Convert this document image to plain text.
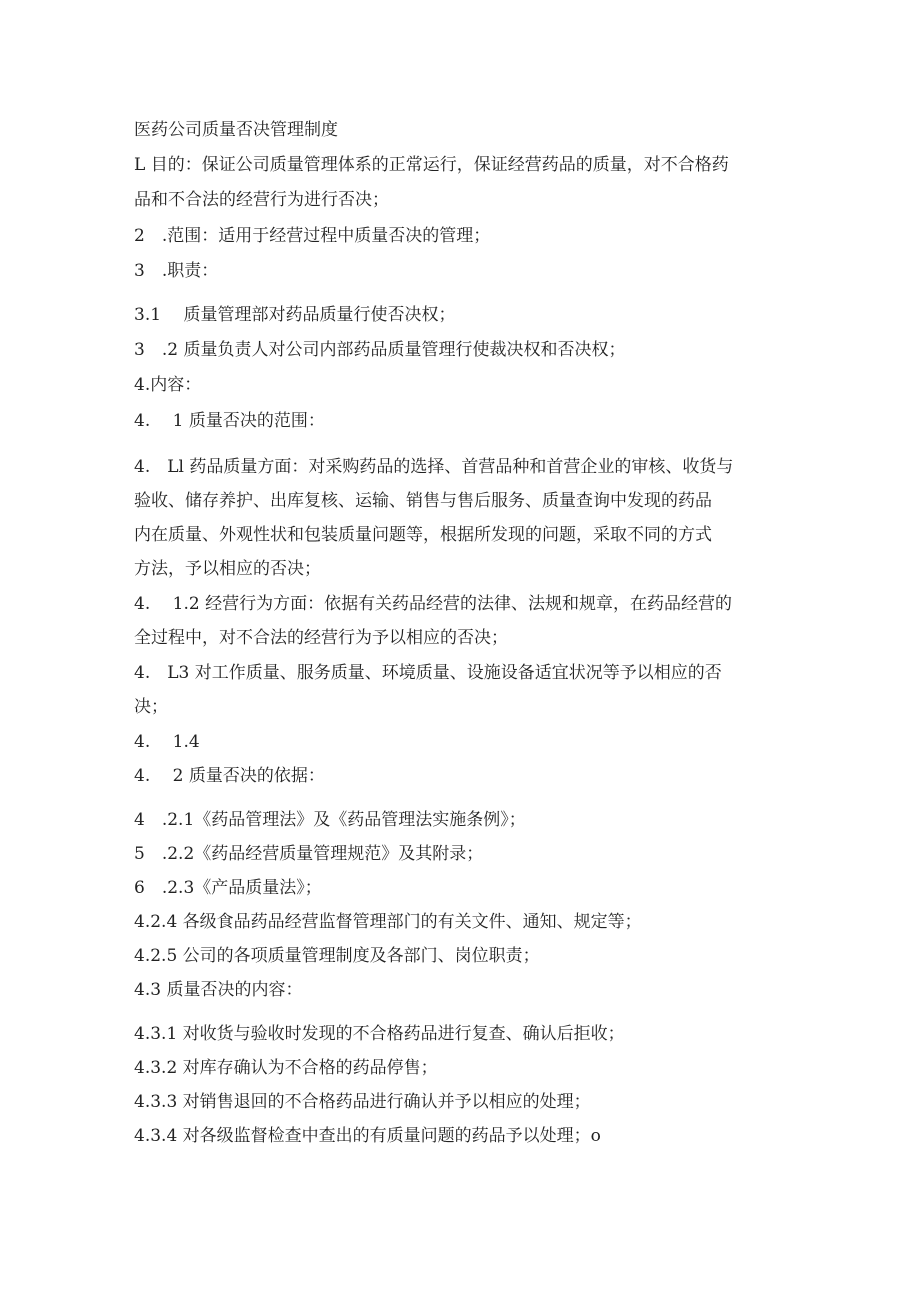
医药公司质量否决管理制度
L 目的：保证公司质量管理体系的正常运行，保证经营药品的质量，对不合格药
品和不合法的经营行为进行否决；
2　.范围：适用于经营过程中质量否决的管理；
3　.职责：
3.1　 质量管理部对药品质量行使否决权；
3　.2 质量负责人对公司内部药品质量管理行使裁决权和否决权；
4.内容：
4.　 1 质量否决的范围：
4.　Ll 药品质量方面：对采购药品的选择、首营品种和首营企业的审核、收货与
验收、储存养护、出库复核、运输、销售与售后服务、质量查询中发现的药品
内在质量、外观性状和包装质量问题等，根据所发现的问题，采取不同的方式
方法，予以相应的否决；
4.　 1.2 经营行为方面：依据有关药品经营的法律、法规和规章，在药品经营的
全过程中，对不合法的经营行为予以相应的否决；
4.　L3 对工作质量、服务质量、环境质量、设施设备适宜状况等予以相应的否
决；
4.　 1.4
4.　 2 质量否决的依据：
4　.2.1《药品管理法》及《药品管理法实施条例》；
5　.2.2《药品经营质量管理规范》及其附录；
6　.2.3《产品质量法》；
4.2.4 各级食品药品经营监督管理部门的有关文件、通知、规定等；
4.2.5 公司的各项质量管理制度及各部门、岗位职责；
4.3 质量否决的内容：
4.3.1 对收货与验收时发现的不合格药品进行复查、确认后拒收；
4.3.2 对库存确认为不合格的药品停售；
4.3.3 对销售退回的不合格药品进行确认并予以相应的处理；
4.3.4 对各级监督检查中查出的有质量问题的药品予以处理；o
